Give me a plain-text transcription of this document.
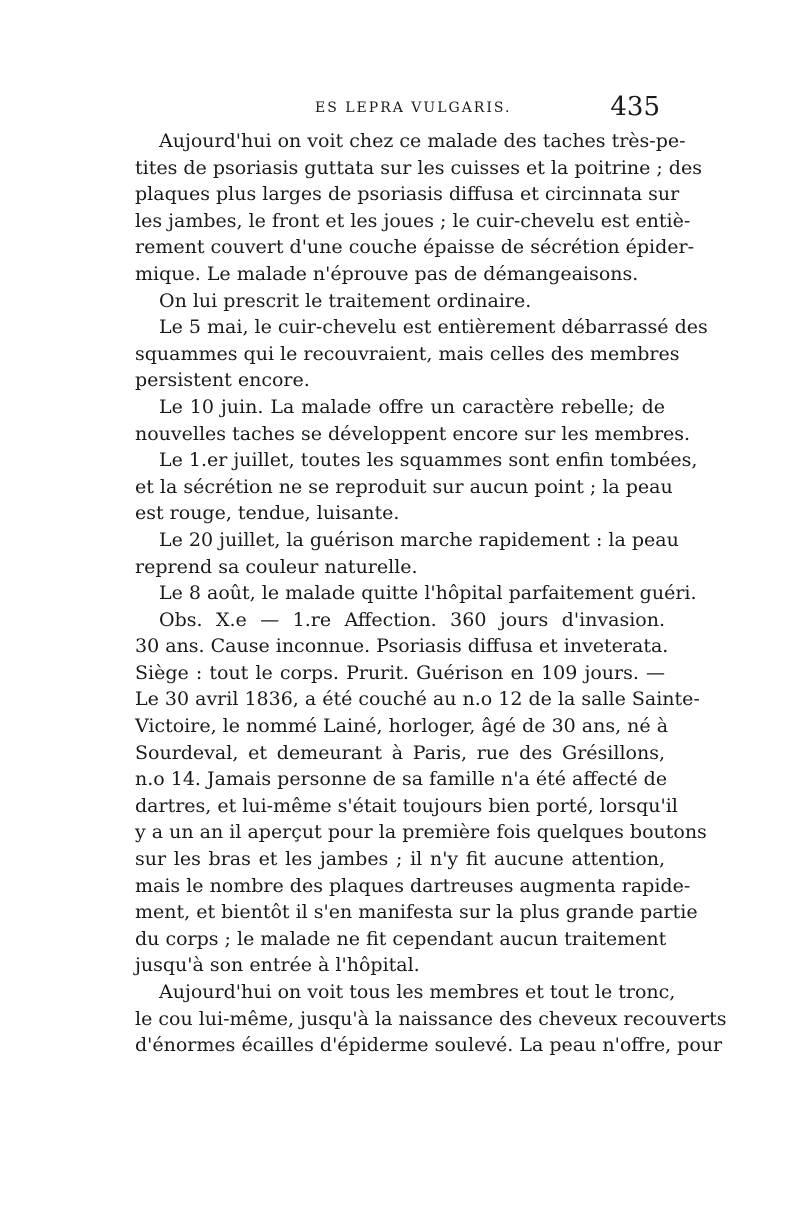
ES LEPRA VULGARIS.	435
Aujourd'hui on voit chez ce malade des taches très-pe-
tites de psoriasis guttata sur les cuisses et la poitrine ; des
plaques plus larges de psoriasis diffusa et circinnata sur
les jambes, le front et les joues ; le cuir-chevelu est entiè-
rement couvert d'une couche épaisse de sécrétion épider-
mique. Le malade n'éprouve pas de démangeaisons.
On lui prescrit le traitement ordinaire.
Le 5 mai, le cuir-chevelu est entièrement débarrassé des
squammes qui le recouvraient, mais celles des membres
persistent encore.
Le 10 juin. La malade offre un caractère rebelle; de
nouvelles taches se développent encore sur les membres.
Le 1.er juillet, toutes les squammes sont enfin tombées,
et la sécrétion ne se reproduit sur aucun point ; la peau
est rouge, tendue, luisante.
Le 20 juillet, la guérison marche rapidement : la peau
reprend sa couleur naturelle.
Le 8 août, le malade quitte l'hôpital parfaitement guéri.
Obs. X.e — 1.re Affection. 360 jours d'invasion.
30 ans. Cause inconnue. Psoriasis diffusa et inveterata.
Siège : tout le corps. Prurit. Guérison en 109 jours. —
Le 30 avril 1836, a été couché au n.o 12 de la salle Sainte-
Victoire, le nommé Lainé, horloger, âgé de 30 ans, né à
Sourdeval, et demeurant à Paris, rue des Grésillons,
n.o 14. Jamais personne de sa famille n'a été affecté de
dartres, et lui-même s'était toujours bien porté, lorsqu'il
y a un an il aperçut pour la première fois quelques boutons
sur les bras et les jambes ; il n'y fit aucune attention,
mais le nombre des plaques dartreuses augmenta rapide-
ment, et bientôt il s'en manifesta sur la plus grande partie
du corps ; le malade ne fit cependant aucun traitement
jusqu'à son entrée à l'hôpital.
Aujourd'hui on voit tous les membres et tout le tronc,
le cou lui-même, jusqu'à la naissance des cheveux recouverts
d'énormes écailles d'épiderme soulevé. La peau n'offre, pour
